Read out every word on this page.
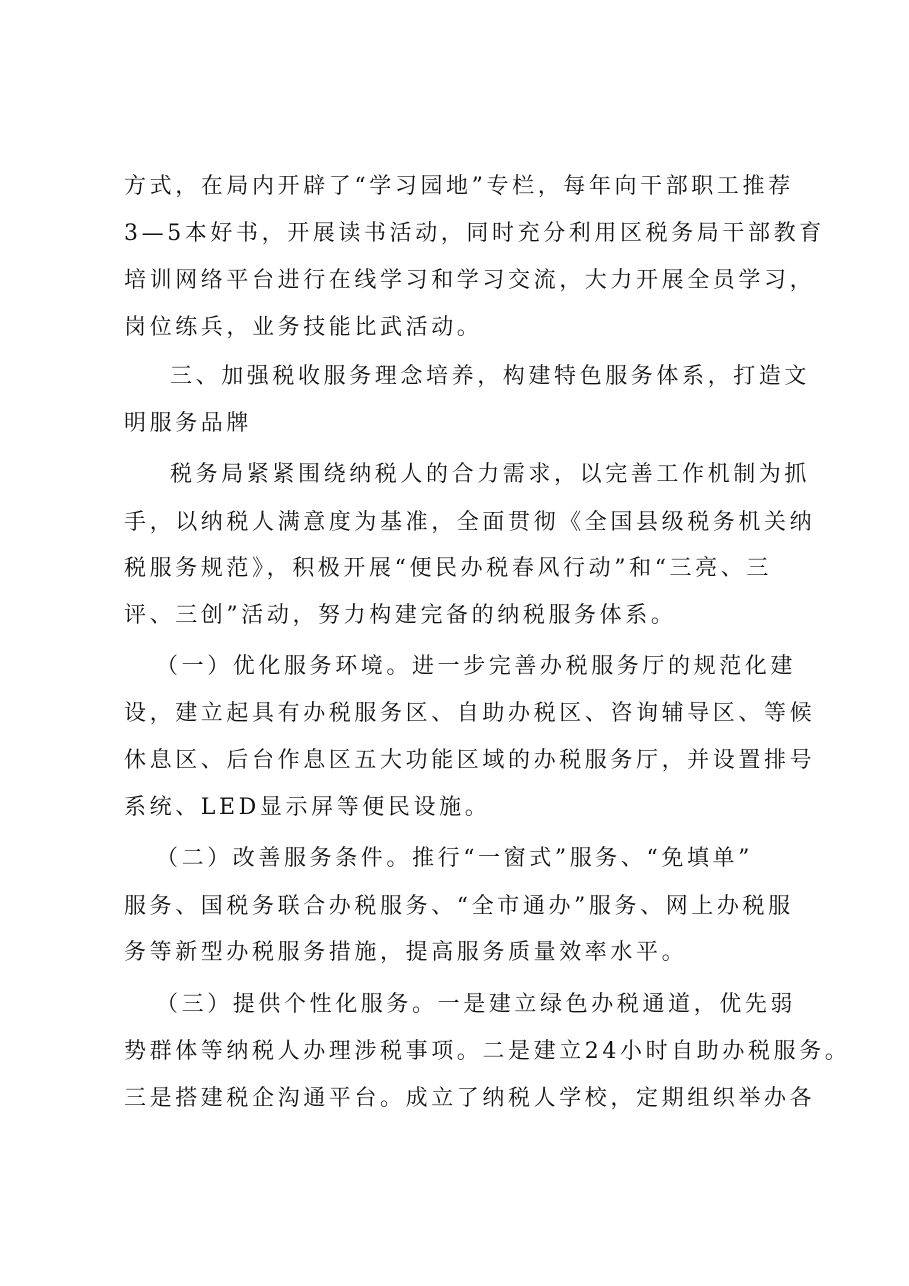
方式，在局内开辟了“学习园地”专栏，每年向干部职工推荐
3—5本好书，开展读书活动，同时充分利用区税务局干部教育
培训网络平台进行在线学习和学习交流，大力开展全员学习，
岗位练兵，业务技能比武活动。
三、加强税收服务理念培养，构建特色服务体系，打造文
明服务品牌
税务局紧紧围绕纳税人的合力需求，以完善工作机制为抓
手，以纳税人满意度为基准，全面贯彻《全国县级税务机关纳
税服务规范》，积极开展“便民办税春风行动”和“三亮、三
评、三创”活动，努力构建完备的纳税服务体系。
（一）优化服务环境。进一步完善办税服务厅的规范化建
设，建立起具有办税服务区、自助办税区、咨询辅导区、等候
休息区、后台作息区五大功能区域的办税服务厅，并设置排号
系统、LED显示屏等便民设施。
（二）改善服务条件。推行“一窗式”服务、“免填单”
服务、国税务联合办税服务、“全市通办”服务、网上办税服
务等新型办税服务措施，提高服务质量效率水平。
（三）提供个性化服务。一是建立绿色办税通道，优先弱
势群体等纳税人办理涉税事项。二是建立24小时自助办税服务。
三是搭建税企沟通平台。成立了纳税人学校，定期组织举办各
